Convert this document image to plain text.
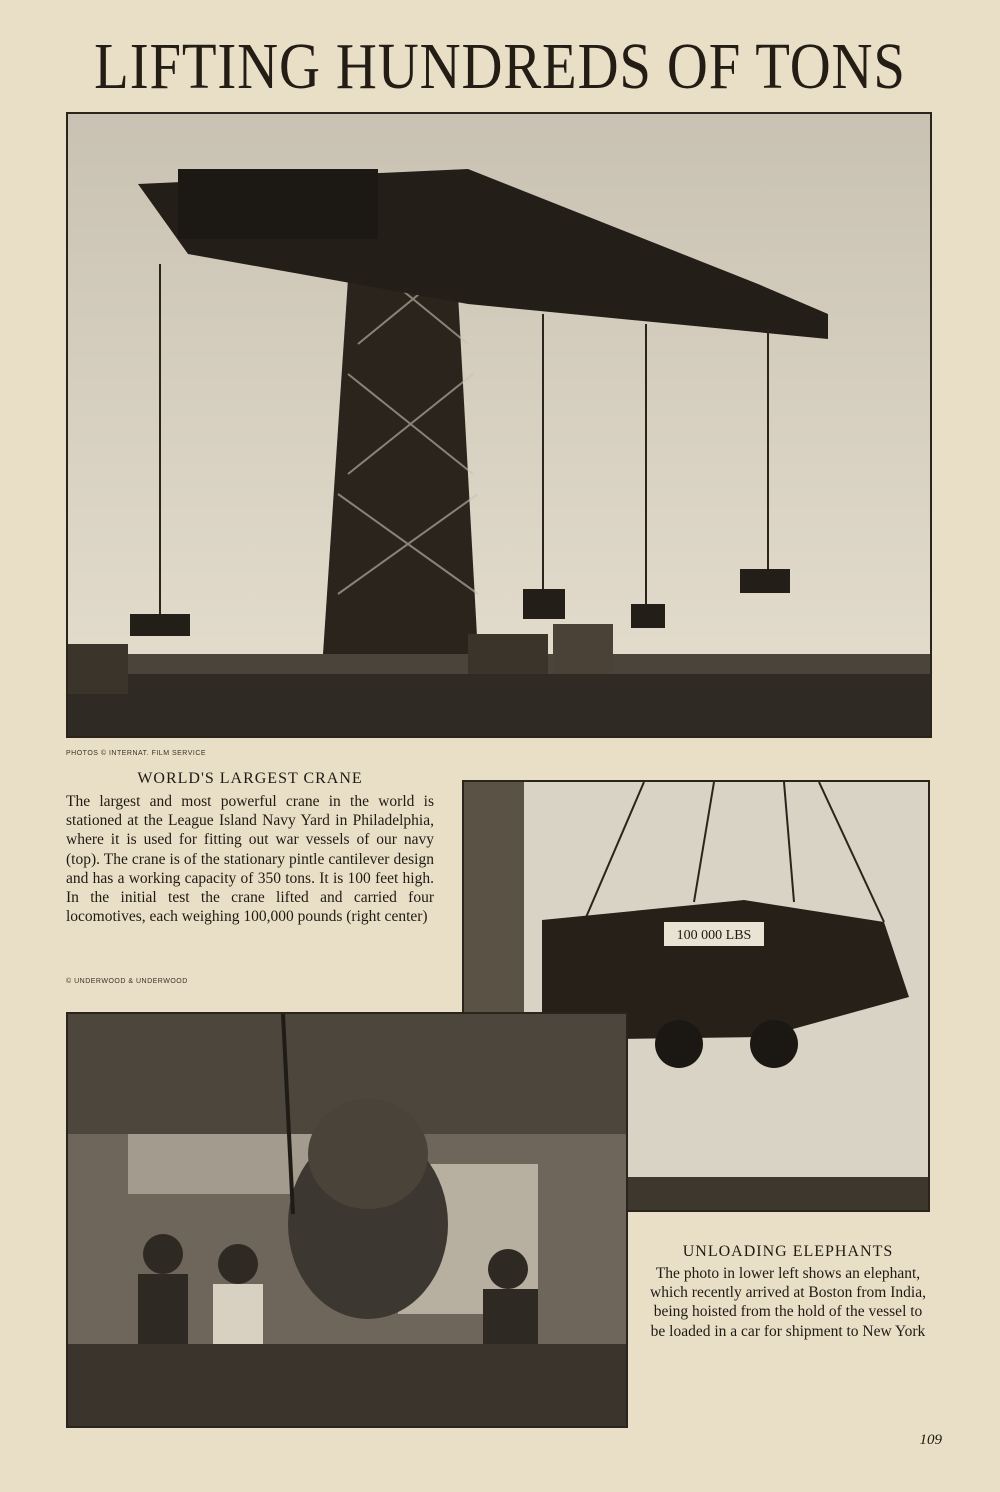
LIFTING HUNDREDS OF TONS
PHOTOS © INTERNAT. FILM SERVICE

WORLD'S LARGEST CRANE

The largest and most powerful crane in the world is stationed at the League Island Navy Yard in Philadelphia, where it is used for fitting out war vessels of our navy (top). The crane is of the stationary pintle cantilever design and has a working capacity of 350 tons. It is 100 feet high. In the initial test the crane lifted and carried four locomotives, each weighing 100,000 pounds (right center)

© UNDERWOOD & UNDERWOOD
100 000 LBS

UNLOADING ELEPHANTS

The photo in lower left shows an elephant, which recently arrived at Boston from India, being hoisted from the hold of the vessel to be loaded in a car for shipment to New York

109
